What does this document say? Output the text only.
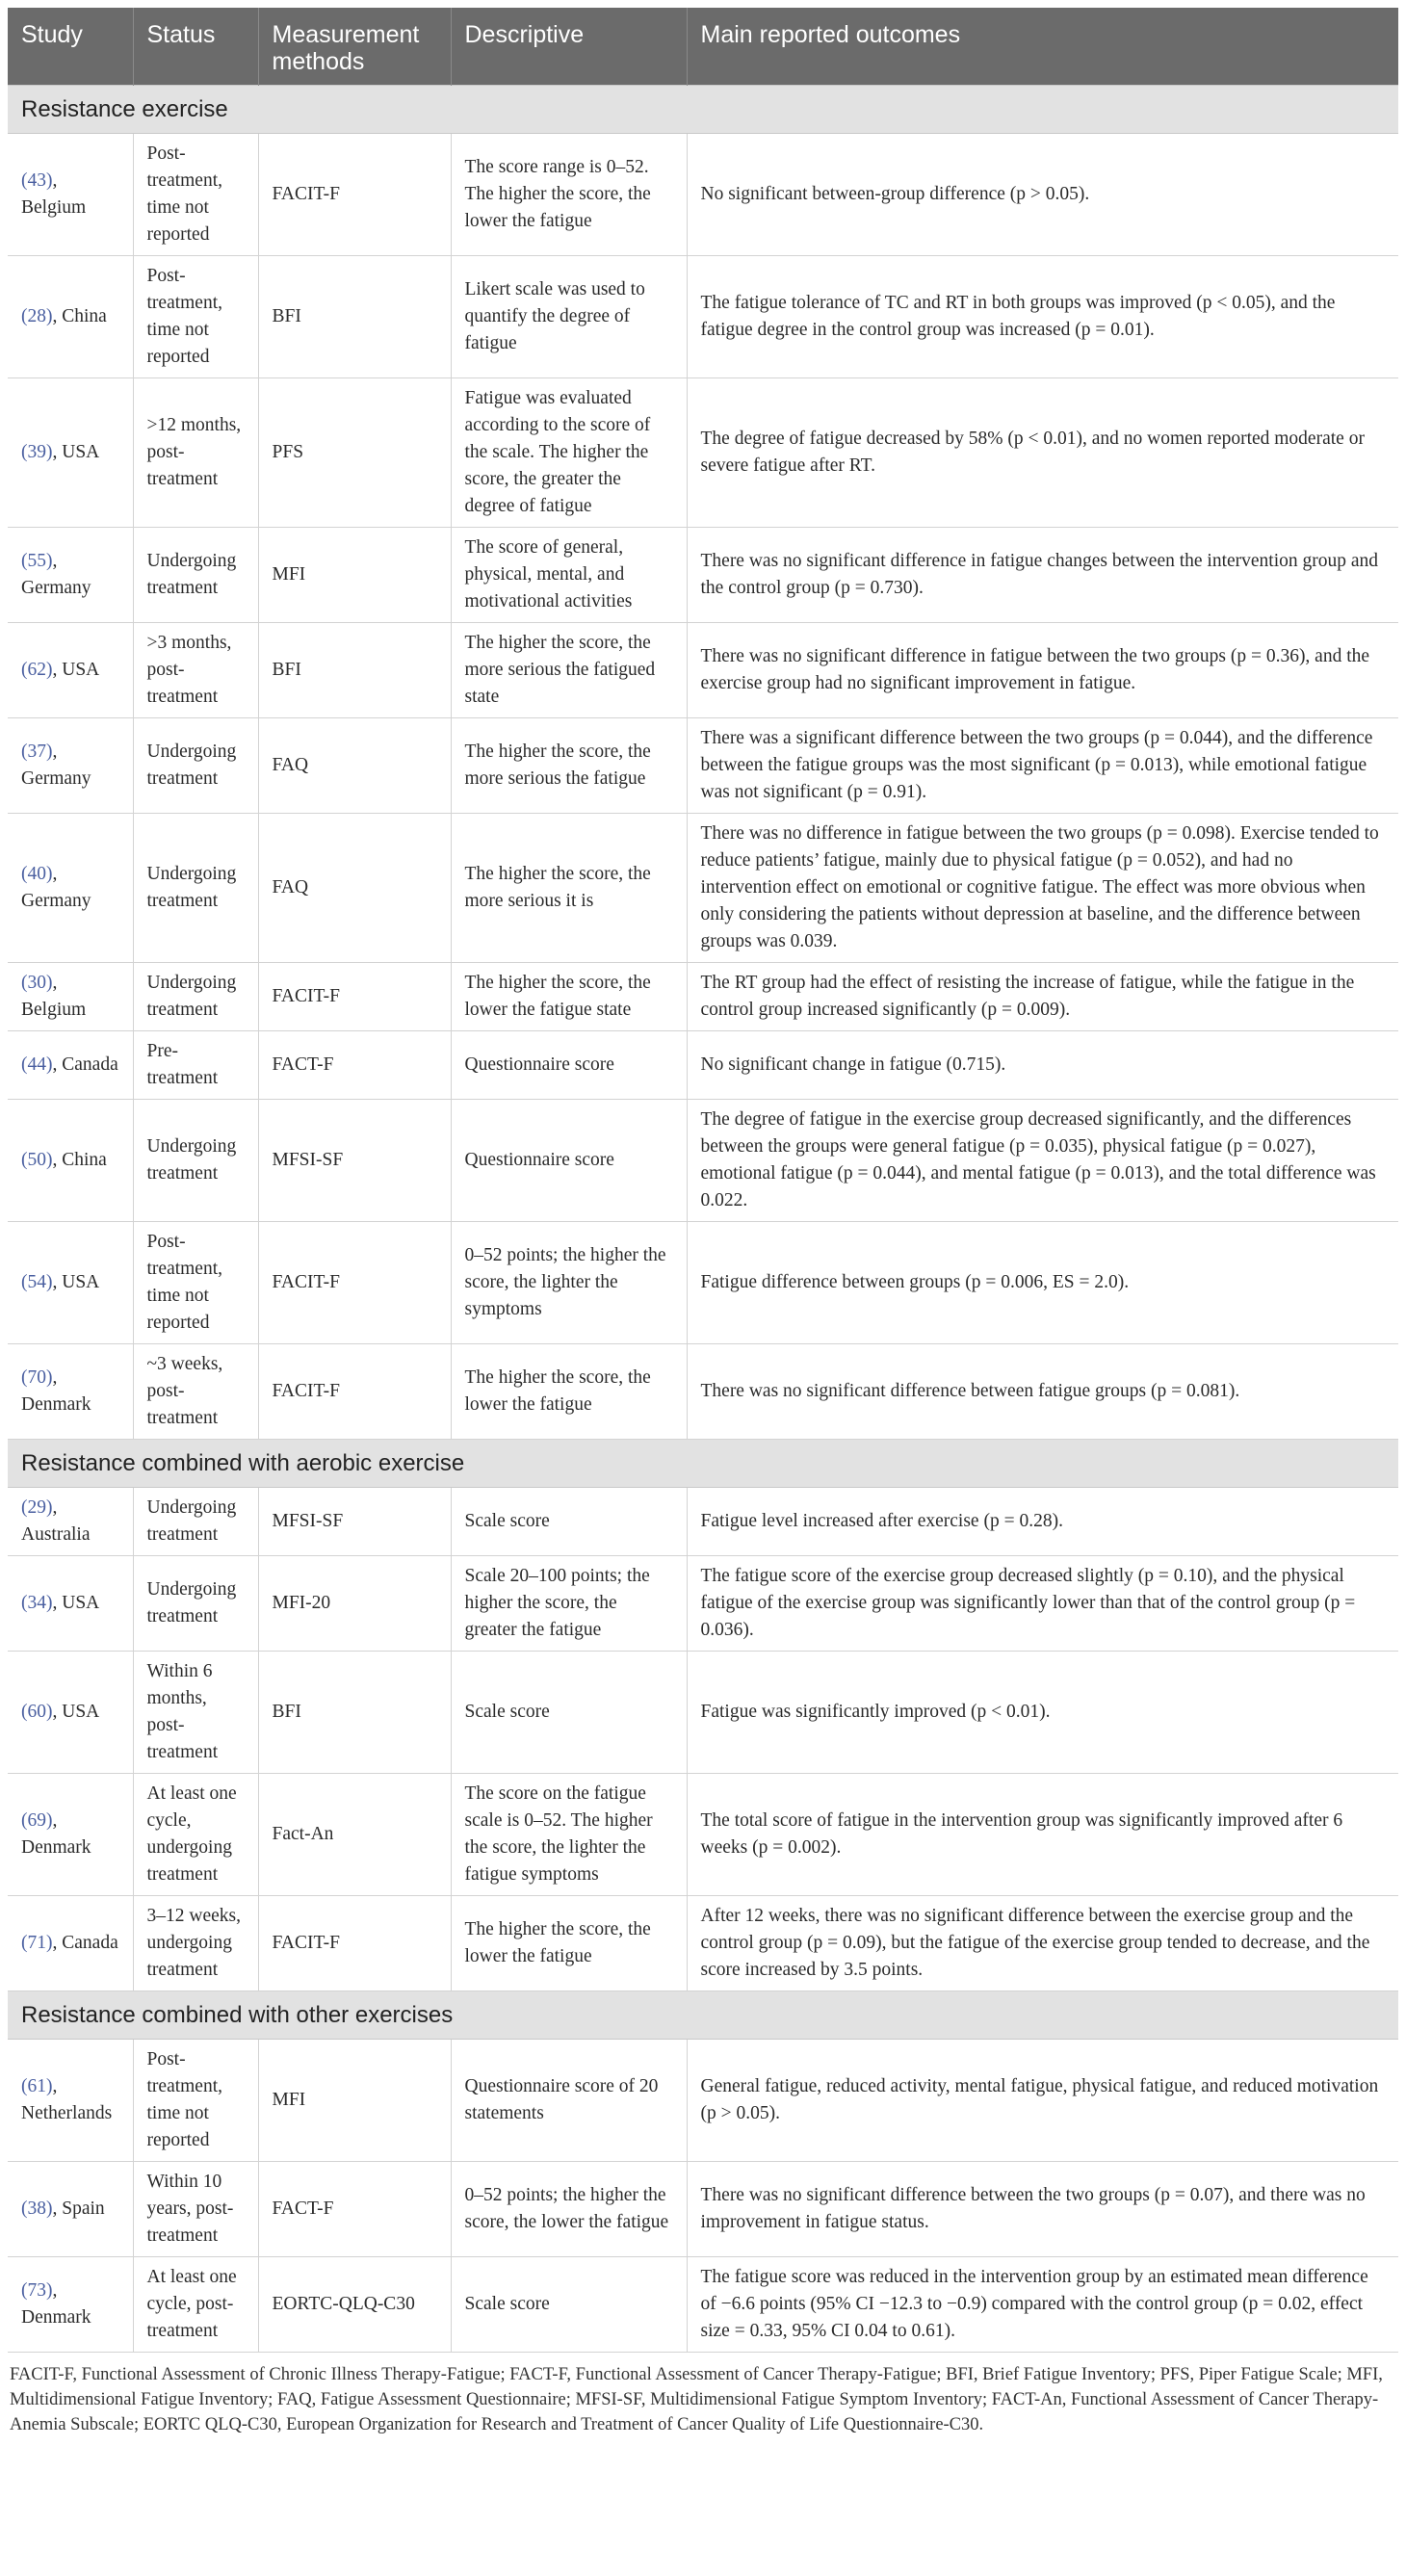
Study	Status	Measurement methods	Descriptive	Main reported outcomes
Resistance exercise				
(43), Belgium	Post-treatment, time not reported	FACIT-F	The score range is 0–52. The higher the score, the lower the fatigue	No significant between-group difference (p > 0.05).
(28), China	Post-treatment, time not reported	BFI	Likert scale was used to quantify the degree of fatigue	The fatigue tolerance of TC and RT in both groups was improved (p < 0.05), and the fatigue degree in the control group was increased (p = 0.01).
(39), USA	>12 months, post-treatment	PFS	Fatigue was evaluated according to the score of the scale. The higher the score, the greater the degree of fatigue	The degree of fatigue decreased by 58% (p < 0.01), and no women reported moderate or severe fatigue after RT.
(55), Germany	Undergoing treatment	MFI	The score of general, physical, mental, and motivational activities	There was no significant difference in fatigue changes between the intervention group and the control group (p = 0.730).
(62), USA	>3 months, post-treatment	BFI	The higher the score, the more serious the fatigued state	There was no significant difference in fatigue between the two groups (p = 0.36), and the exercise group had no significant improvement in fatigue.
(37), Germany	Undergoing treatment	FAQ	The higher the score, the more serious the fatigue	There was a significant difference between the two groups (p = 0.044), and the difference between the fatigue groups was the most significant (p = 0.013), while emotional fatigue was not significant (p = 0.91).
(40), Germany	Undergoing treatment	FAQ	The higher the score, the more serious it is	There was no difference in fatigue between the two groups (p = 0.098). Exercise tended to reduce patients’ fatigue, mainly due to physical fatigue (p = 0.052), and had no intervention effect on emotional or cognitive fatigue. The effect was more obvious when only considering the patients without depression at baseline, and the difference between groups was 0.039.
(30), Belgium	Undergoing treatment	FACIT-F	The higher the score, the lower the fatigue state	The RT group had the effect of resisting the increase of fatigue, while the fatigue in the control group increased significantly (p = 0.009).
(44), Canada	Pre-treatment	FACT-F	Questionnaire score	No significant change in fatigue (0.715).
(50), China	Undergoing treatment	MFSI-SF	Questionnaire score	The degree of fatigue in the exercise group decreased significantly, and the differences between the groups were general fatigue (p = 0.035), physical fatigue (p = 0.027), emotional fatigue (p = 0.044), and mental fatigue (p = 0.013), and the total difference was 0.022.
(54), USA	Post-treatment, time not reported	FACIT-F	0–52 points; the higher the score, the lighter the symptoms	Fatigue difference between groups (p = 0.006, ES = 2.0).
(70), Denmark	~3 weeks, post-treatment	FACIT-F	The higher the score, the lower the fatigue	There was no significant difference between fatigue groups (p = 0.081).
Resistance combined with aerobic exercise				
(29), Australia	Undergoing treatment	MFSI-SF	Scale score	Fatigue level increased after exercise (p = 0.28).
(34), USA	Undergoing treatment	MFI-20	Scale 20–100 points; the higher the score, the greater the fatigue	The fatigue score of the exercise group decreased slightly (p = 0.10), and the physical fatigue of the exercise group was significantly lower than that of the control group (p = 0.036).
(60), USA	Within 6 months, post-treatment	BFI	Scale score	Fatigue was significantly improved (p < 0.01).
(69), Denmark	At least one cycle, undergoing treatment	Fact-An	The score on the fatigue scale is 0–52. The higher the score, the lighter the fatigue symptoms	The total score of fatigue in the intervention group was significantly improved after 6 weeks (p = 0.002).
(71), Canada	3–12 weeks, undergoing treatment	FACIT-F	The higher the score, the lower the fatigue	After 12 weeks, there was no significant difference between the exercise group and the control group (p = 0.09), but the fatigue of the exercise group tended to decrease, and the score increased by 3.5 points.
Resistance combined with other exercises				
(61), Netherlands	Post-treatment, time not reported	MFI	Questionnaire score of 20 statements	General fatigue, reduced activity, mental fatigue, physical fatigue, and reduced motivation (p > 0.05).
(38), Spain	Within 10 years, post-treatment	FACT-F	0–52 points; the higher the score, the lower the fatigue	There was no significant difference between the two groups (p = 0.07), and there was no improvement in fatigue status.
(73), Denmark	At least one cycle, post-treatment	EORTC-QLQ-C30	Scale score	The fatigue score was reduced in the intervention group by an estimated mean difference of −6.6 points (95% CI −12.3 to −0.9) compared with the control group (p = 0.02, effect size = 0.33, 95% CI 0.04 to 0.61).
FACIT-F, Functional Assessment of Chronic Illness Therapy-Fatigue; FACT-F, Functional Assessment of Cancer Therapy-Fatigue; BFI, Brief Fatigue Inventory; PFS, Piper Fatigue Scale; MFI, Multidimensional Fatigue Inventory; FAQ, Fatigue Assessment Questionnaire; MFSI-SF, Multidimensional Fatigue Symptom Inventory; FACT-An, Functional Assessment of Cancer Therapy-Anemia Subscale; EORTC QLQ-C30, European Organization for Research and Treatment of Cancer Quality of Life Questionnaire-C30.
